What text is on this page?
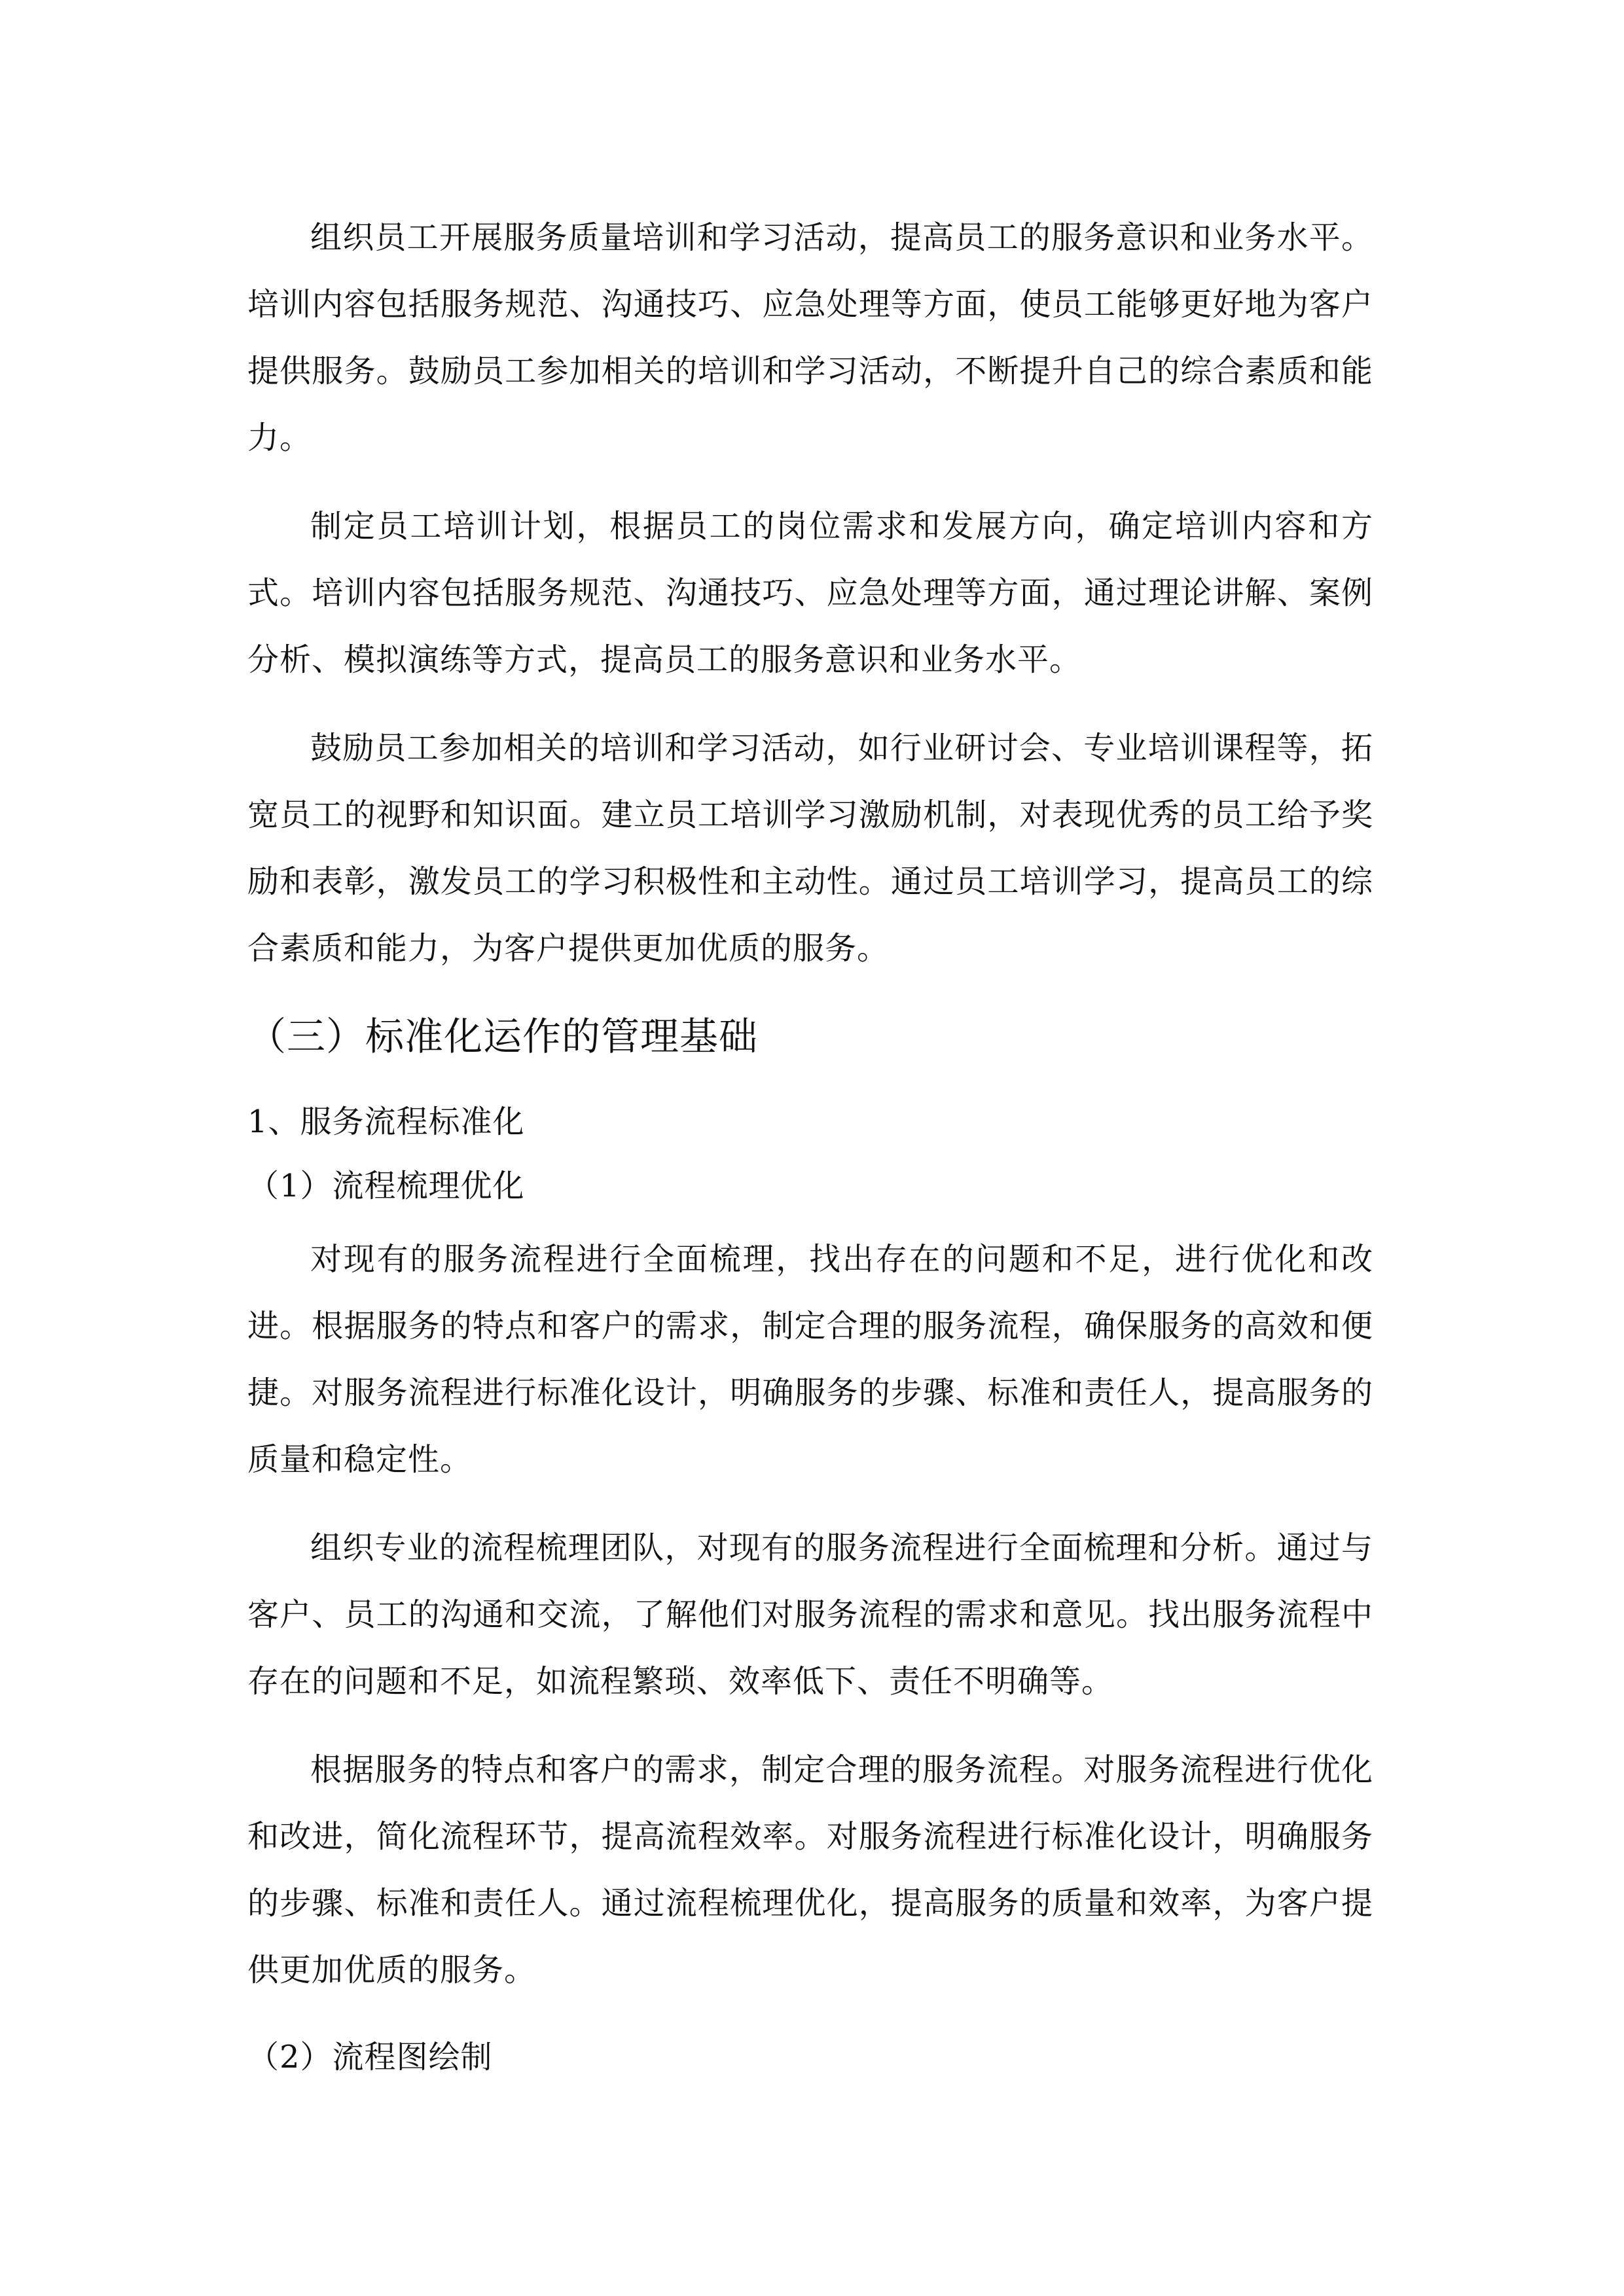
组织员工开展服务质量培训和学习活动，提高员工的服务意识和业务水平。培训内容包括服务规范、沟通技巧、应急处理等方面，使员工能够更好地为客户提供服务。鼓励员工参加相关的培训和学习活动，不断提升自己的综合素质和能力。

制定员工培训计划，根据员工的岗位需求和发展方向，确定培训内容和方式。培训内容包括服务规范、沟通技巧、应急处理等方面，通过理论讲解、案例分析、模拟演练等方式，提高员工的服务意识和业务水平。

鼓励员工参加相关的培训和学习活动，如行业研讨会、专业培训课程等，拓宽员工的视野和知识面。建立员工培训学习激励机制，对表现优秀的员工给予奖励和表彰，激发员工的学习积极性和主动性。通过员工培训学习，提高员工的综合素质和能力，为客户提供更加优质的服务。

（三）标准化运作的管理基础

1、服务流程标准化

（1）流程梳理优化

对现有的服务流程进行全面梳理，找出存在的问题和不足，进行优化和改进。根据服务的特点和客户的需求，制定合理的服务流程，确保服务的高效和便捷。对服务流程进行标准化设计，明确服务的步骤、标准和责任人，提高服务的质量和稳定性。

组织专业的流程梳理团队，对现有的服务流程进行全面梳理和分析。通过与客户、员工的沟通和交流，了解他们对服务流程的需求和意见。找出服务流程中存在的问题和不足，如流程繁琐、效率低下、责任不明确等。

根据服务的特点和客户的需求，制定合理的服务流程。对服务流程进行优化和改进，简化流程环节，提高流程效率。对服务流程进行标准化设计，明确服务的步骤、标准和责任人。通过流程梳理优化，提高服务的质量和效率，为客户提供更加优质的服务。

（2）流程图绘制
